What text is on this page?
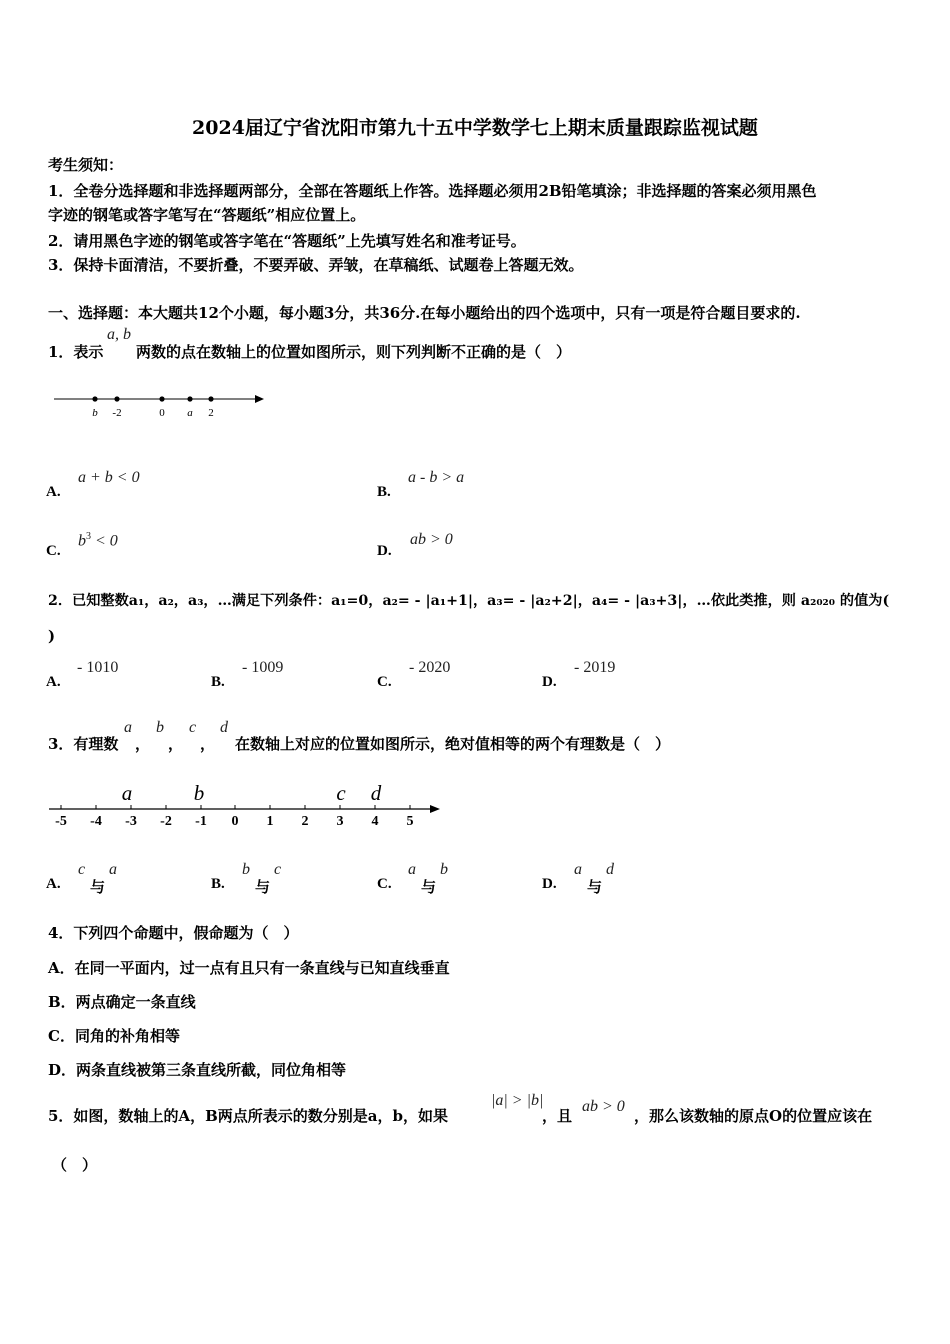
2024届辽宁省沈阳市第九十五中学数学七上期末质量跟踪监视试题
考生须知：
1．全卷分选择题和非选择题两部分，全部在答题纸上作答。选择题必须用2B铅笔填涂；非选择题的答案必须用黑色
字迹的钢笔或答字笔写在“答题纸”相应位置上。
2．请用黑色字迹的钢笔或答字笔在“答题纸”上先填写姓名和准考证号。
3．保持卡面清洁，不要折叠，不要弄破、弄皱，在草稿纸、试题卷上答题无效。
一、选择题：本大题共12个小题，每小题3分，共36分.在每小题给出的四个选项中，只有一项是符合题目要求的.
1．表示
a, b
两数的点在数轴上的位置如图所示，则下列判断不正确的是（　）
b -2	0 a 2
A.
a + b < 0
B.
a - b > a
C.
$b^3 < 0$
D.
ab > 0
2．已知整数a₁，a₂，a₃，…满足下列条件：a₁=0，a₂= - |a₁+1|，a₃= - |a₂+2|，a₄= - |a₃+3|，…依此类推，则 a₂₀₂₀ 的值为(
)
A.
- 1010
B.
- 1009
C.
- 2020
D.
- 2019
3．有理数
a
，
b
，
c
，
d
在数轴上对应的位置如图所示，绝对值相等的两个有理数是（　）
-5 -4 -3 -2 -1 0 1 2 3 4 5
a	b	c d
A.
c
与
a
B.
b
与
c
C.
a
与
b
D.
a
与
d
4．下列四个命题中，假命题为（　）
A．在同一平面内，过一点有且只有一条直线与已知直线垂直
B．两点确定一条直线
C．同角的补角相等
D．两条直线被第三条直线所截，同位角相等
5．如图，数轴上的A，B两点所表示的数分别是a，b，如果
|a| > |b|
，且
ab > 0
，那么该数轴的原点O的位置应该在
（　）
